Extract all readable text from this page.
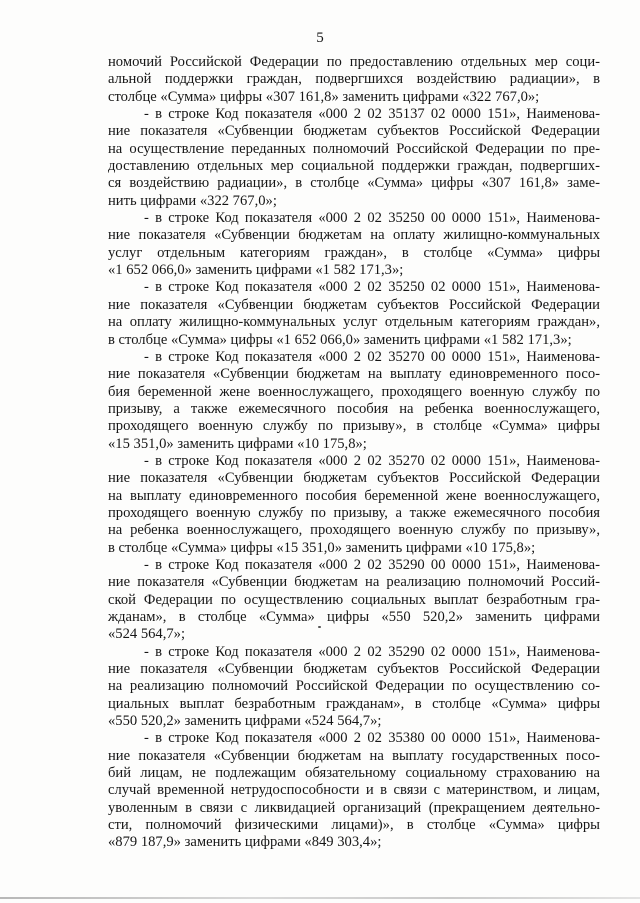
5
номочий Российской Федерации по предоставлению отдельных мер соци-
альной поддержки граждан, подвергшихся воздействию радиации», в
столбце «Сумма» цифры «307 161,8» заменить цифрами «322 767,0»;
- в строке Код показателя «000 2 02 35137 02 0000 151», Наименова-
ние показателя «Субвенции бюджетам субъектов Российской Федерации
на осуществление переданных полномочий Российской Федерации по пре-
доставлению отдельных мер социальной поддержки граждан, подвергших-
ся воздействию радиации», в столбце «Сумма» цифры «307 161,8» заме-
нить цифрами «322 767,0»;
- в строке Код показателя «000 2 02 35250 00 0000 151», Наименова-
ние показателя «Субвенции бюджетам на оплату жилищно-коммунальных
услуг отдельным категориям граждан», в столбце «Сумма» цифры
«1 652 066,0» заменить цифрами «1 582 171,3»;
- в строке Код показателя «000 2 02 35250 02 0000 151», Наименова-
ние показателя «Субвенции бюджетам субъектов Российской Федерации
на оплату жилищно-коммунальных услуг отдельным категориям граждан»,
в столбце «Сумма» цифры «1 652 066,0» заменить цифрами «1 582 171,3»;
- в строке Код показателя «000 2 02 35270 00 0000 151», Наименова-
ние показателя «Субвенции бюджетам на выплату единовременного посо-
бия беременной жене военнослужащего, проходящего военную службу по
призыву, а также ежемесячного пособия на ребенка военнослужащего,
проходящего военную службу по призыву», в столбце «Сумма» цифры
«15 351,0» заменить цифрами «10 175,8»;
- в строке Код показателя «000 2 02 35270 02 0000 151», Наименова-
ние показателя «Субвенции бюджетам субъектов Российской Федерации
на выплату единовременного пособия беременной жене военнослужащего,
проходящего военную службу по призыву, а также ежемесячного пособия
на ребенка военнослужащего, проходящего военную службу по призыву»,
в столбце «Сумма» цифры «15 351,0» заменить цифрами «10 175,8»;
- в строке Код показателя «000 2 02 35290 00 0000 151», Наименова-
ние показателя «Субвенции бюджетам на реализацию полномочий Россий-
ской Федерации по осуществлению социальных выплат безработным гра-
жданам», в столбце «Сумма» цифры «550 520,2» заменить цифрами
«524 564,7»;
- в строке Код показателя «000 2 02 35290 02 0000 151», Наименова-
ние показателя «Субвенции бюджетам субъектов Российской Федерации
на реализацию полномочий Российской Федерации по осуществлению со-
циальных выплат безработным гражданам», в столбце «Сумма» цифры
«550 520,2» заменить цифрами «524 564,7»;
- в строке Код показателя «000 2 02 35380 00 0000 151», Наименова-
ние показателя «Субвенции бюджетам на выплату государственных посо-
бий лицам, не подлежащим обязательному социальному страхованию на
случай временной нетрудоспособности и в связи с материнством, и лицам,
уволенным в связи с ликвидацией организаций (прекращением деятельно-
сти, полномочий физическими лицами)», в столбце «Сумма» цифры
«879 187,9» заменить цифрами «849 303,4»;
